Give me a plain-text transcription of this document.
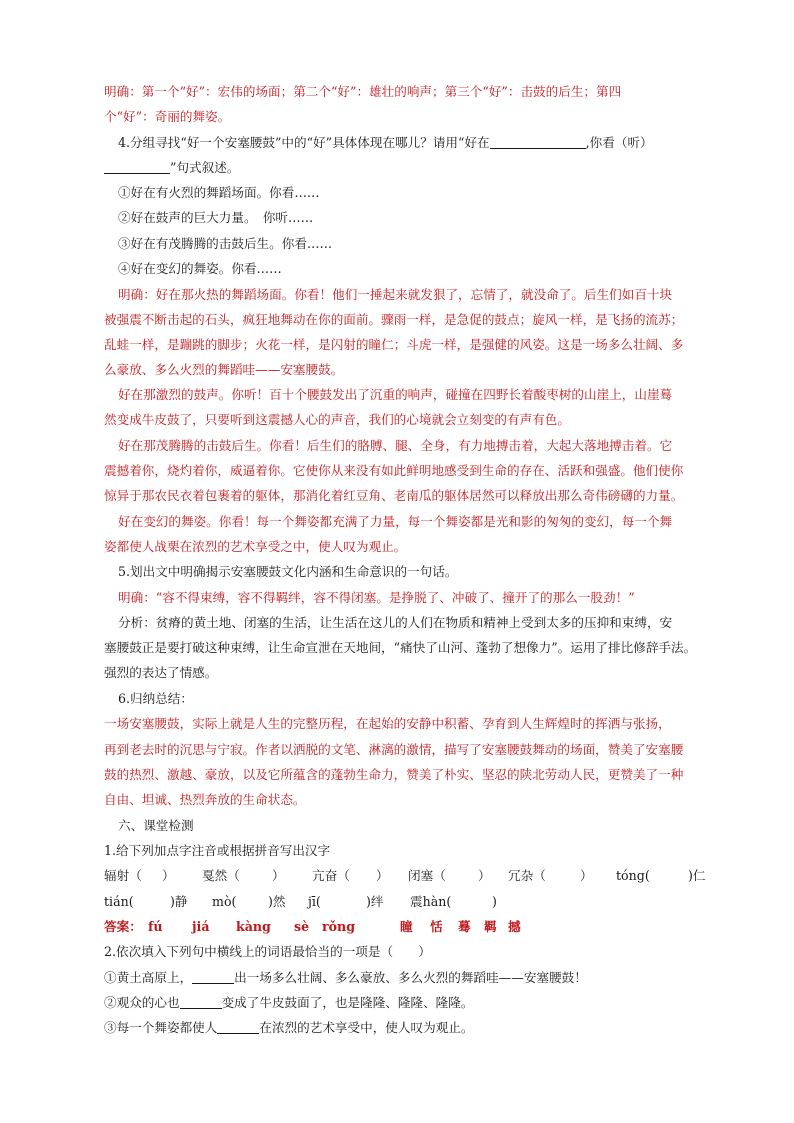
明确：第一个“好”：宏伟的场面；第二个“好”：雄壮的响声；第三个“好”：击鼓的后生；第四
个“好”：奇丽的舞姿。
4.分组寻找“好一个安塞腰鼓”中的“好”具体体现在哪儿？请用“好在	,你看（听）
”句式叙述。
①好在有火烈的舞蹈场面。你看……
②好在鼓声的巨大力量。　你听……
③好在有茂腾腾的击鼓后生。你看……
④好在变幻的舞姿。你看……
明确：好在那火热的舞蹈场面。你看！他们一捶起来就发狠了，忘情了，就没命了。后生们如百十块
被强震不断击起的石头，疯狂地舞动在你的面前。骤雨一样，是急促的鼓点；旋风一样，是飞扬的流苏；
乱蛙一样，是蹦跳的脚步；火花一样，是闪射的瞳仁；斗虎一样，是强健的风姿。这是一场多么壮阔、多
么豪放、多么火烈的舞蹈哇——安塞腰鼓。
好在那激烈的鼓声。你听！百十个腰鼓发出了沉重的响声，碰撞在四野长着酸枣树的山崖上，山崖蓦
然变成牛皮鼓了，只要听到这震撼人心的声音，我们的心境就会立刻变的有声有色。
好在那茂腾腾的击鼓后生。你看！后生们的胳膊、腿、全身，有力地搏击着，大起大落地搏击着。它
震撼着你，烧灼着你，威逼着你。它使你从来没有如此鲜明地感受到生命的存在、活跃和强盛。他们使你
惊异于那农民衣着包裹着的躯体，那消化着红豆角、老南瓜的躯体居然可以释放出那么奇伟磅礴的力量。
好在变幻的舞姿。你看！每一个舞姿都充满了力量，每一个舞姿都是光和影的匆匆的变幻，每一个舞
姿都使人战栗在浓烈的艺术享受之中，使人叹为观止。
5.划出文中明确揭示安塞腰鼓文化内涵和生命意识的一句话。
明确：“容不得束缚，容不得羁绊，容不得闭塞。是挣脱了、冲破了、撞开了的那么一股劲！”
分析：贫瘠的黄土地、闭塞的生活，让生活在这儿的人们在物质和精神上受到太多的压抑和束缚，安
塞腰鼓正是要打破这种束缚，让生命宣泄在天地间，“痛快了山河、蓬勃了想像力”。运用了排比修辞手法。
强烈的表达了情感。
6.归纳总结：
一场安塞腰鼓，实际上就是人生的完整历程，在起始的安静中积蓄、孕育到人生辉煌时的挥洒与张扬，
再到老去时的沉思与宁寂。作者以洒脱的文笔、淋漓的激情，描写了安塞腰鼓舞动的场面，赞美了安塞腰
鼓的热烈、激越、豪放，以及它所蕴含的蓬勃生命力，赞美了朴实、坚忍的陕北劳动人民，更赞美了一种
自由、坦诚、热烈奔放的生命状态。
六、课堂检测
1.给下列加点字注音或根据拼音写出汉字
辐射（ ） 戛然（	） 亢奋（ ） 闭塞（	） 冗杂（	） tóng(	)仁
tián(	)静 mò(	)然 jī(	)绊 震hàn(	)
答案： fú jiá kàng sè rǒng	瞳 恬 蓦 羁 撼
2.依次填入下列句中横线上的词语最恰当的一项是（　　）
①黄土高原上，	出一场多么壮阔、多么豪放、多么火烈的舞蹈哇——安塞腰鼓！
②观众的心也	变成了牛皮鼓面了，也是隆隆、隆隆、隆隆。
③每一个舞姿都使人	在浓烈的艺术享受中，使人叹为观止。
